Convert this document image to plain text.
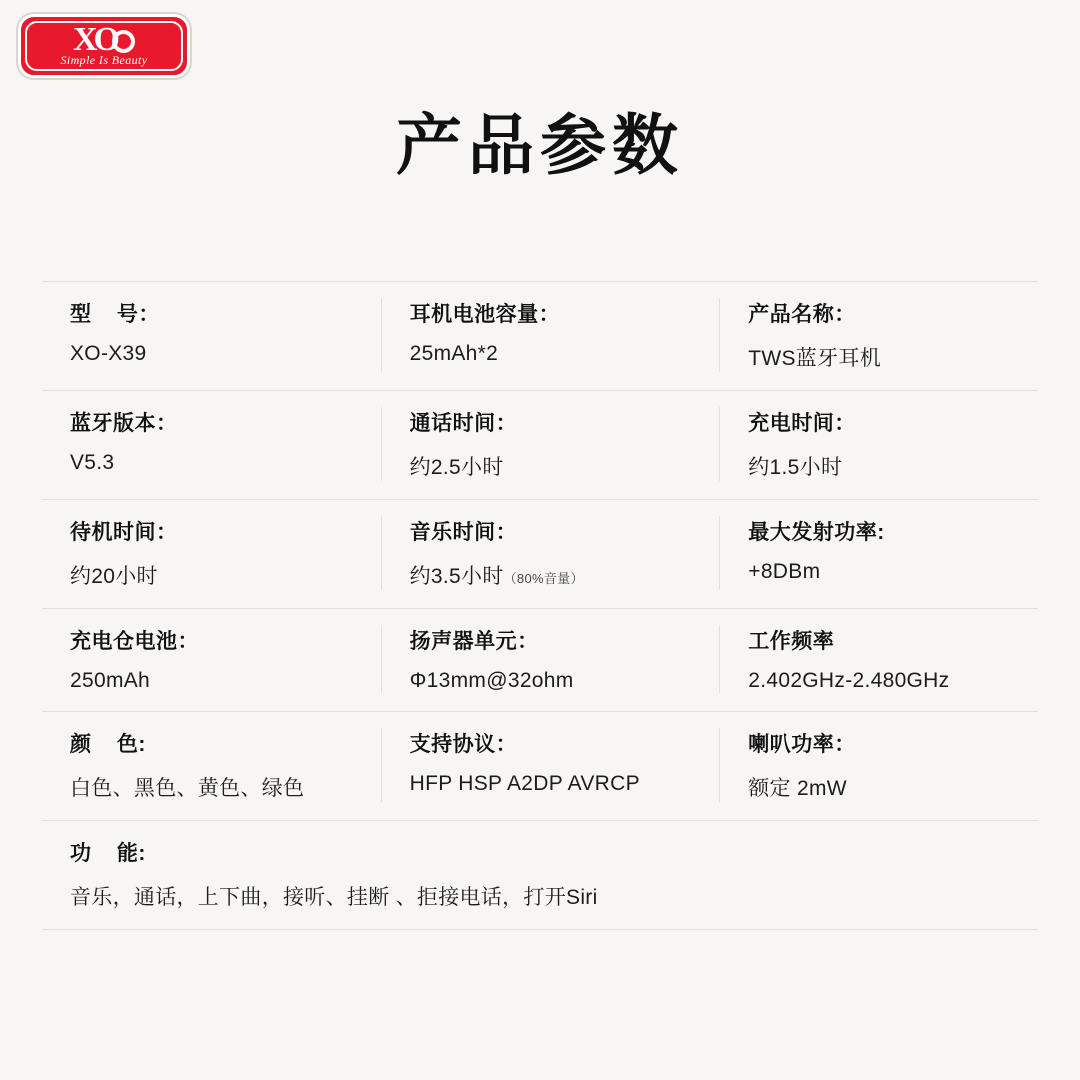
XO
Simple Is Beauty
产品参数
型    号：
XO-X39
耳机电池容量：
25mAh*2
产品名称：
TWS蓝牙耳机
蓝牙版本：
V5.3
通话时间：
约2.5小时
充电时间：
约1.5小时
待机时间：
约20小时
音乐时间：
约3.5小时（80%音量）
最大发射功率:
+8DBm
充电仓电池：
250mAh
扬声器单元：
Φ13mm@32ohm
工作频率
2.402GHz-2.480GHz
颜    色:
白色、黑色、黄色、绿色
支持协议：
HFP HSP A2DP AVRCP
喇叭功率：
额定 2mW
功    能:
音乐，通话，上下曲，接听、挂断 、拒接电话，打开Siri
